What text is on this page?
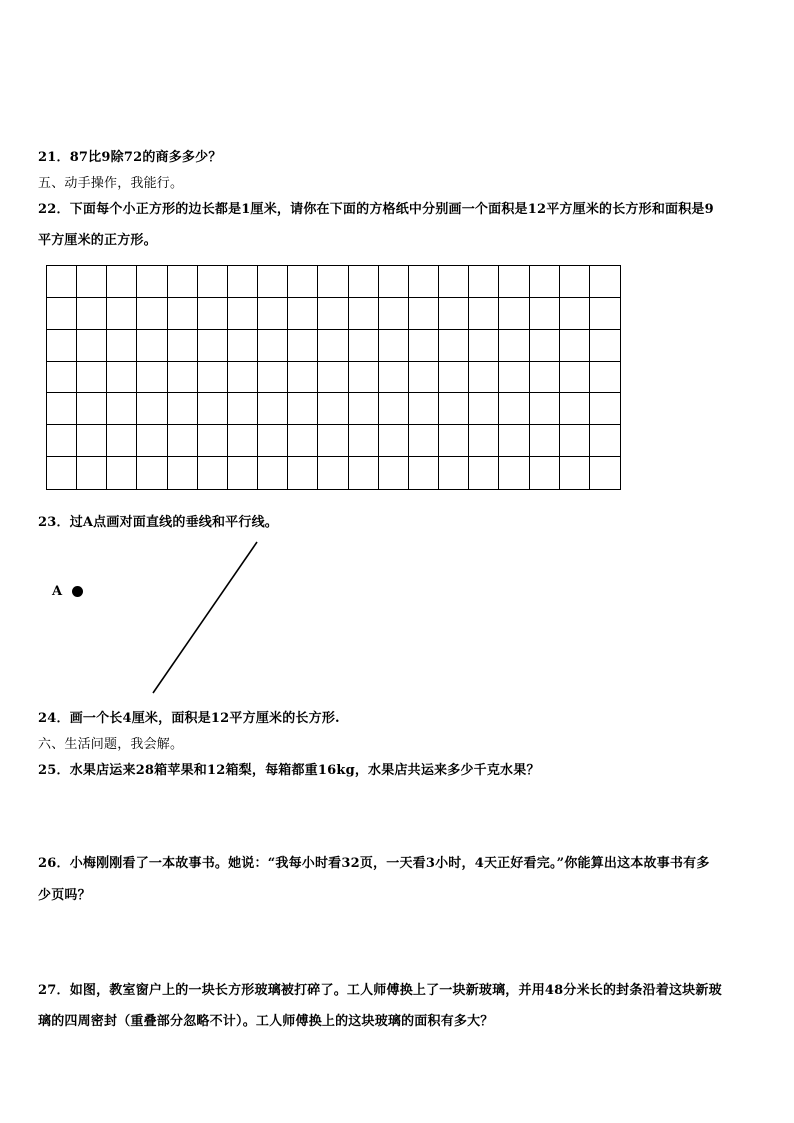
21．87比9除72的商多多少？
五、动手操作，我能行。
22．下面每个小正方形的边长都是1厘米，请你在下面的方格纸中分别画一个面积是12平方厘米的长方形和面积是9
平方厘米的正方形。
23．过A点画对面直线的垂线和平行线。
A
24．画一个长4厘米，面积是12平方厘米的长方形.
六、生活问题，我会解。
25．水果店运来28箱苹果和12箱梨，每箱都重16kg，水果店共运来多少千克水果？
26．小梅刚刚看了一本故事书。她说：“我每小时看32页，一天看3小时，4天正好看完。”你能算出这本故事书有多
少页吗？
27．如图，教室窗户上的一块长方形玻璃被打碎了。工人师傅换上了一块新玻璃，并用48分米长的封条沿着这块新玻
璃的四周密封（重叠部分忽略不计）。工人师傅换上的这块玻璃的面积有多大？
